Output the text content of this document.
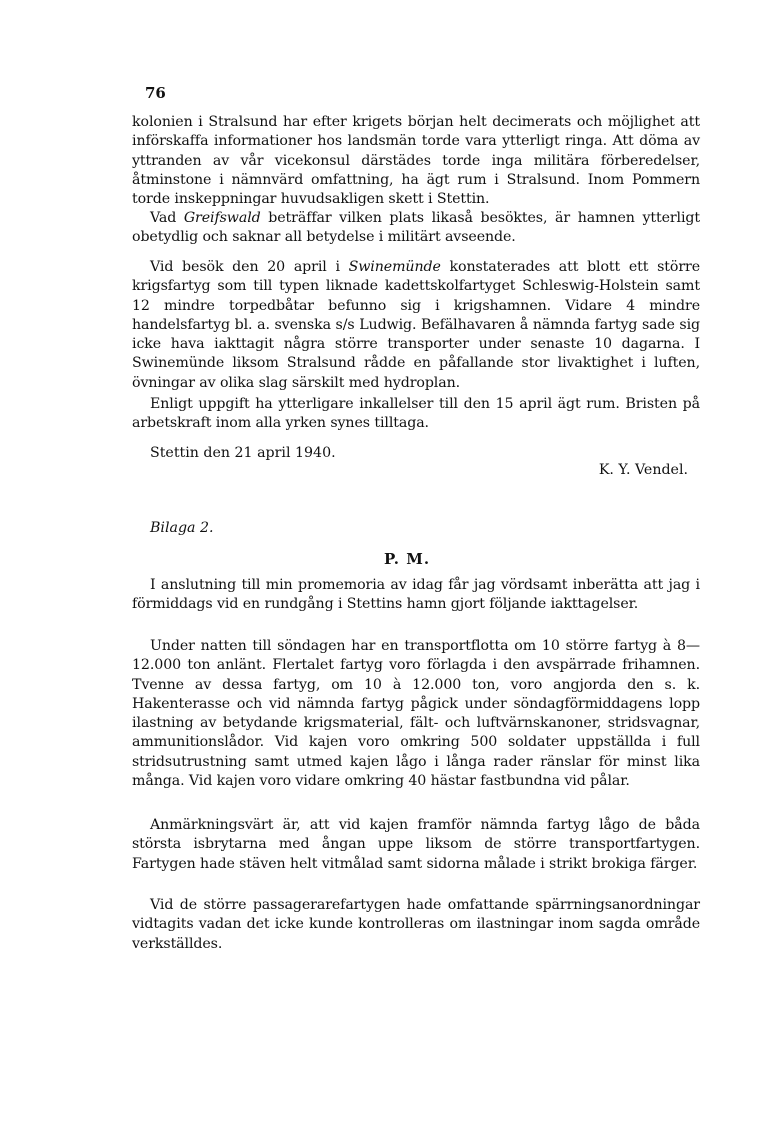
76

kolonien i Stralsund har efter krigets början helt decimerats och möjlighet att införskaffa informationer hos landsmän torde vara ytterligt ringa. Att döma av yttranden av vår vicekonsul därstädes torde inga militära förberedelser, åtminstone i nämnvärd omfattning, ha ägt rum i Stralsund. Inom Pommern torde inskeppningar huvudsakligen skett i Stettin.

Vad Greifswald beträffar vilken plats likaså besöktes, är hamnen ytterligt obetydlig och saknar all betydelse i militärt avseende.

Vid besök den 20 april i Swinemünde konstaterades att blott ett större krigsfartyg som till typen liknade kadettskolfartyget Schleswig-Holstein samt 12 mindre torpedbåtar befunno sig i krigshamnen. Vidare 4 mindre handelsfartyg bl. a. svenska s/s Ludwig. Befälhavaren å nämnda fartyg sade sig icke hava iakttagit några större transporter under senaste 10 dagarna. I Swinemünde liksom Stralsund rådde en påfallande stor livaktighet i luften, övningar av olika slag särskilt med hydroplan.

Enligt uppgift ha ytterligare inkallelser till den 15 april ägt rum. Bristen på arbetskraft inom alla yrken synes tilltaga.

Stettin den 21 april 1940.
K. Y. Vendel.
Bilaga 2.
P. M.

I anslutning till min promemoria av idag får jag vördsamt inberätta att jag i förmiddags vid en rundgång i Stettins hamn gjort följande iakttagelser.

Under natten till söndagen har en transportflotta om 10 större fartyg à 8—12.000 ton anlänt. Flertalet fartyg voro förlagda i den avspärrade frihamnen. Tvenne av dessa fartyg, om 10 à 12.000 ton, voro angjorda den s. k. Hakenterasse och vid nämnda fartyg pågick under söndagförmiddagens lopp ilastning av betydande krigsmaterial, fält- och luftvärnskanoner, stridsvagnar, ammunitionslådor. Vid kajen voro omkring 500 soldater uppställda i full stridsutrustning samt utmed kajen lågo i långa rader ränslar för minst lika många. Vid kajen voro vidare omkring 40 hästar fastbundna vid pålar.

Anmärkningsvärt är, att vid kajen framför nämnda fartyg lågo de båda största isbrytarna med ångan uppe liksom de större transportfartygen. Fartygen hade stäven helt vitmålad samt sidorna målade i strikt brokiga färger.

Vid de större passagerarefartygen hade omfattande spärrningsanordningar vidtagits vadan det icke kunde kontrolleras om ilastningar inom sagda område verkställdes.
